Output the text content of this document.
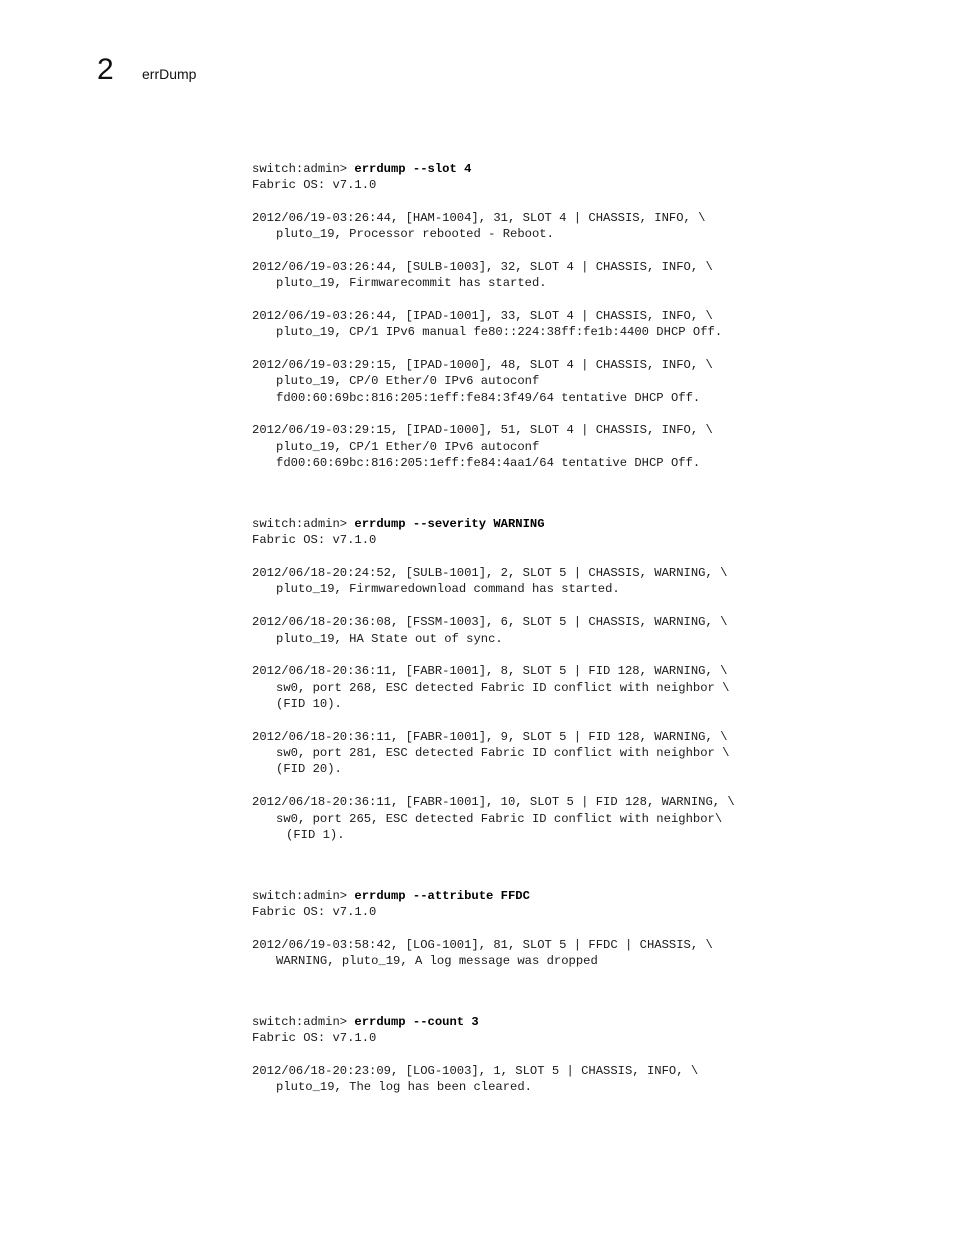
2 errDump
switch:admin> errdump --slot 4
Fabric OS: v7.1.0
2012/06/19-03:26:44, [HAM-1004], 31, SLOT 4 | CHASSIS, INFO, \
pluto_19, Processor rebooted - Reboot.
2012/06/19-03:26:44, [SULB-1003], 32, SLOT 4 | CHASSIS, INFO, \
pluto_19, Firmwarecommit has started.
2012/06/19-03:26:44, [IPAD-1001], 33, SLOT 4 | CHASSIS, INFO, \
pluto_19, CP/1 IPv6 manual fe80::224:38ff:fe1b:4400 DHCP Off.
2012/06/19-03:29:15, [IPAD-1000], 48, SLOT 4 | CHASSIS, INFO, \
pluto_19, CP/0 Ether/0 IPv6 autoconf
fd00:60:69bc:816:205:1eff:fe84:3f49/64 tentative DHCP Off.
2012/06/19-03:29:15, [IPAD-1000], 51, SLOT 4 | CHASSIS, INFO, \
pluto_19, CP/1 Ether/0 IPv6 autoconf
fd00:60:69bc:816:205:1eff:fe84:4aa1/64 tentative DHCP Off.
switch:admin> errdump --severity WARNING
Fabric OS: v7.1.0
2012/06/18-20:24:52, [SULB-1001], 2, SLOT 5 | CHASSIS, WARNING, \
pluto_19, Firmwaredownload command has started.
2012/06/18-20:36:08, [FSSM-1003], 6, SLOT 5 | CHASSIS, WARNING, \
pluto_19, HA State out of sync.
2012/06/18-20:36:11, [FABR-1001], 8, SLOT 5 | FID 128, WARNING, \
sw0, port 268, ESC detected Fabric ID conflict with neighbor \
(FID 10).
2012/06/18-20:36:11, [FABR-1001], 9, SLOT 5 | FID 128, WARNING, \
sw0, port 281, ESC detected Fabric ID conflict with neighbor \
(FID 20).
2012/06/18-20:36:11, [FABR-1001], 10, SLOT 5 | FID 128, WARNING, \
sw0, port 265, ESC detected Fabric ID conflict with neighbor\
(FID 1).
switch:admin> errdump --attribute FFDC
Fabric OS: v7.1.0
2012/06/19-03:58:42, [LOG-1001], 81, SLOT 5 | FFDC | CHASSIS, \
WARNING, pluto_19, A log message was dropped
switch:admin> errdump --count 3
Fabric OS: v7.1.0
2012/06/18-20:23:09, [LOG-1003], 1, SLOT 5 | CHASSIS, INFO, \
pluto_19, The log has been cleared.
